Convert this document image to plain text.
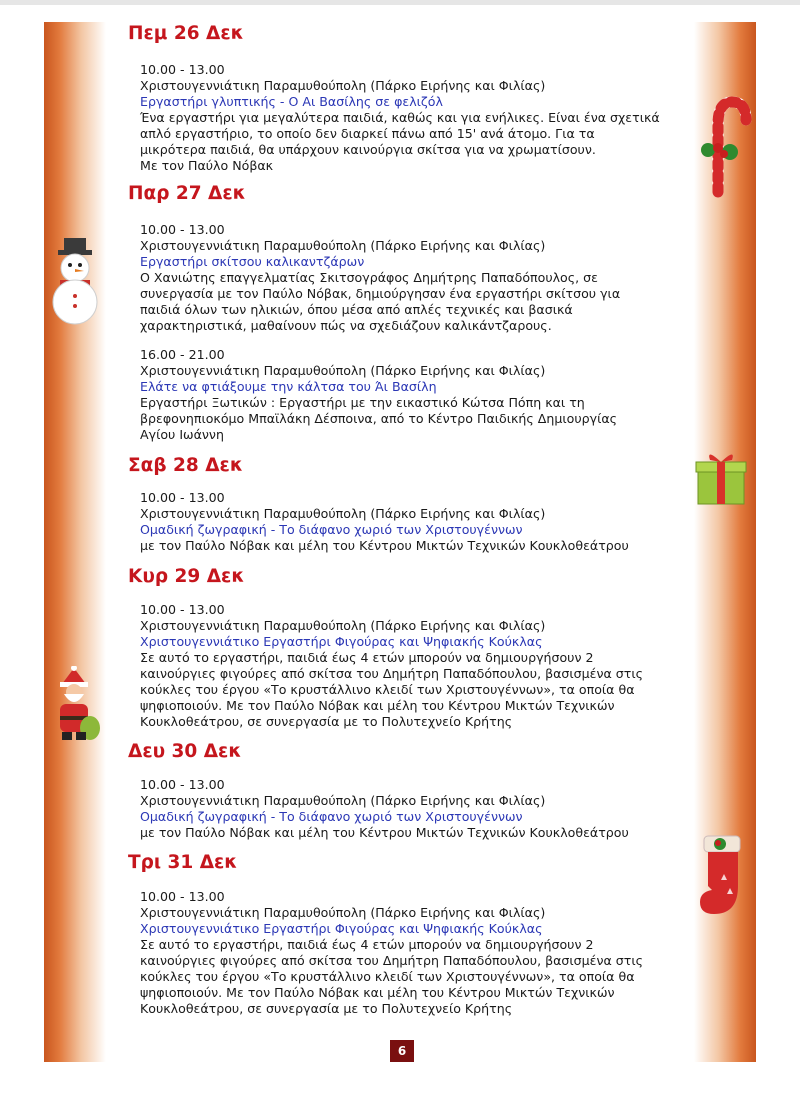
Πεμ 26 Δεκ

10.00 - 13.00

Χριστουγεννιάτικη Παραμυθούπολη (Πάρκο Ειρήνης και Φιλίας)

Εργαστήρι γλυπτικής - Ο Αι Βασίλης σε φελιζόλ

Ένα εργαστήρι για μεγαλύτερα παιδιά, καθώς και για ενήλικες. Είναι ένα σχετικά

απλό εργαστήριο, το οποίο δεν διαρκεί πάνω από 15' ανά άτομο. Για τα

μικρότερα παιδιά, θα υπάρχουν καινούργια σκίτσα για να χρωματίσουν.

Με τον Παύλο Νόβακ

Παρ 27 Δεκ

10.00 - 13.00

Χριστουγεννιάτικη Παραμυθούπολη (Πάρκο Ειρήνης και Φιλίας)

Εργαστήρι σκίτσου καλικαντζάρων

Ο Χανιώτης επαγγελματίας Σκιτσογράφος Δημήτρης Παπαδόπουλος, σε

συνεργασία με τον Παύλο Νόβακ, δημιούργησαν ένα εργαστήρι σκίτσου για

παιδιά όλων των ηλικιών, όπου μέσα από απλές τεχνικές και βασικά

χαρακτηριστικά, μαθαίνουν πώς να σχεδιάζουν καλικάντζαρους.

16.00 - 21.00

Χριστουγεννιάτικη Παραμυθούπολη (Πάρκο Ειρήνης και Φιλίας)

Ελάτε να φτιάξουμε την κάλτσα του Άι Βασίλη

Εργαστήρι Ξωτικών : Εργαστήρι με την εικαστικό Κώτσα Πόπη και τη

βρεφονηπιοκόμο Μπαϊλάκη Δέσποινα, από το Κέντρο Παιδικής Δημιουργίας

Αγίου Ιωάννη

Σαβ 28 Δεκ

10.00 - 13.00

Χριστουγεννιάτικη Παραμυθούπολη (Πάρκο Ειρήνης και Φιλίας)

Ομαδική ζωγραφική - Το διάφανο χωριό των Χριστουγέννων

με τον Παύλο Νόβακ και μέλη του Κέντρου Μικτών Τεχνικών Κουκλοθεάτρου

Κυρ 29 Δεκ

10.00 - 13.00

Χριστουγεννιάτικη Παραμυθούπολη (Πάρκο Ειρήνης και Φιλίας)

Χριστουγεννιάτικο Εργαστήρι Φιγούρας και Ψηφιακής Κούκλας

Σε αυτό το εργαστήρι, παιδιά έως 4 ετών μπορούν να δημιουργήσουν 2

καινούργιες φιγούρες από σκίτσα του Δημήτρη Παπαδόπουλου, βασισμένα στις

κούκλες του έργου «Το κρυστάλλινο κλειδί των Χριστουγέννων», τα οποία θα

ψηφιοποιούν. Με τον Παύλο Νόβακ και μέλη του Κέντρου Μικτών Τεχνικών

Κουκλοθεάτρου, σε συνεργασία με το Πολυτεχνείο Κρήτης

Δευ 30 Δεκ

10.00 - 13.00

Χριστουγεννιάτικη Παραμυθούπολη (Πάρκο Ειρήνης και Φιλίας)

Ομαδική ζωγραφική - Το διάφανο χωριό των Χριστουγέννων

με τον Παύλο Νόβακ και μέλη του Κέντρου Μικτών Τεχνικών Κουκλοθεάτρου

Τρι 31 Δεκ

10.00 - 13.00

Χριστουγεννιάτικη Παραμυθούπολη (Πάρκο Ειρήνης και Φιλίας)

Χριστουγεννιάτικο Εργαστήρι Φιγούρας και Ψηφιακής Κούκλας

Σε αυτό το εργαστήρι, παιδιά έως 4 ετών μπορούν να δημιουργήσουν 2

καινούργιες φιγούρες από σκίτσα του Δημήτρη Παπαδόπουλου, βασισμένα στις

κούκλες του έργου «Το κρυστάλλινο κλειδί των Χριστουγέννων», τα οποία θα

ψηφιοποιούν. Με τον Παύλο Νόβακ και μέλη του Κέντρου Μικτών Τεχνικών

Κουκλοθεάτρου, σε συνεργασία με το Πολυτεχνείο Κρήτης

6
